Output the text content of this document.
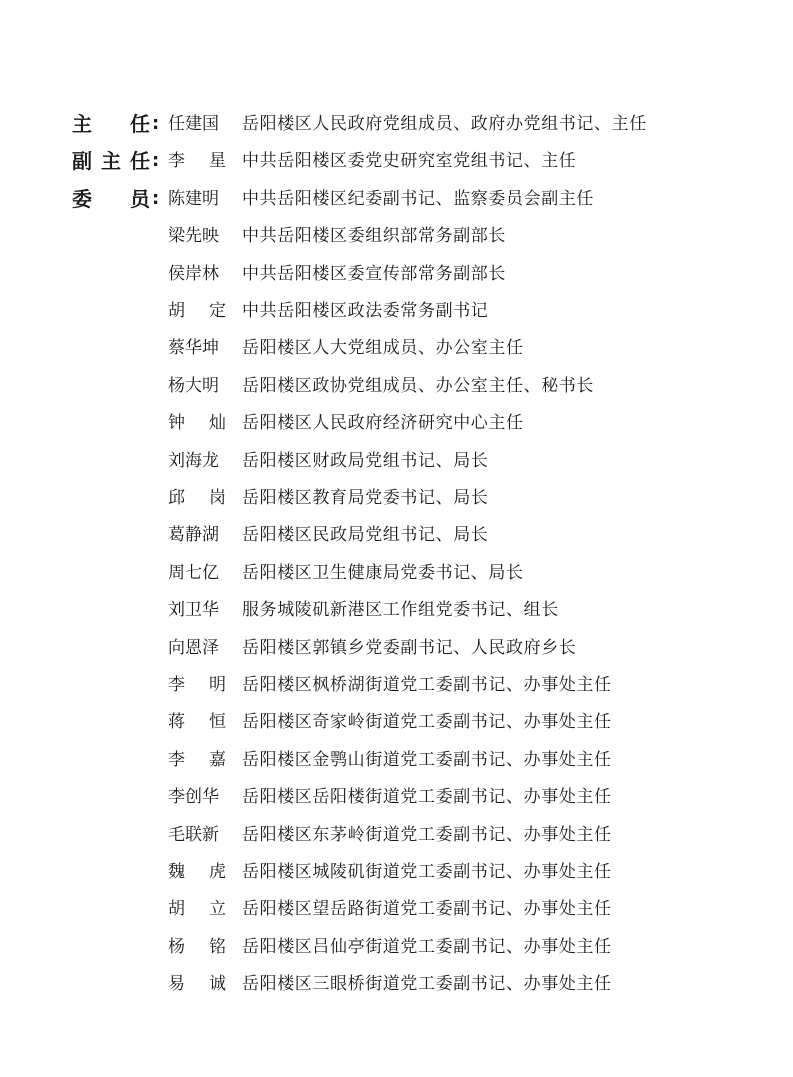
主 任 : 任 建 国 岳阳楼区人民政府党组成员、政府办党组书记、主任
副 主 任 : 李 星 中共岳阳楼区委党史研究室党组书记、主任
委 员 : 陈 建 明 中共岳阳楼区纪委副书记、监察委员会副主任
梁 先 映 中共岳阳楼区委组织部常务副部长
侯 岸 林 中共岳阳楼区委宣传部常务副部长
胡 定 中共岳阳楼区政法委常务副书记
蔡 华 坤 岳阳楼区人大党组成员、办公室主任
杨 大 明 岳阳楼区政协党组成员、办公室主任、秘书长
钟 灿 岳阳楼区人民政府经济研究中心主任
刘 海 龙 岳阳楼区财政局党组书记、局长
邱 岗 岳阳楼区教育局党委书记、局长
葛 静 湖 岳阳楼区民政局党组书记、局长
周 七 亿 岳阳楼区卫生健康局党委书记、局长
刘 卫 华 服务城陵矶新港区工作组党委书记、组长
向 恩 泽 岳阳楼区郭镇乡党委副书记、人民政府乡长
李 明 岳阳楼区枫桥湖街道党工委副书记、办事处主任
蒋 恒 岳阳楼区奇家岭街道党工委副书记、办事处主任
李 嘉 岳阳楼区金鹗山街道党工委副书记、办事处主任
李 创 华 岳阳楼区岳阳楼街道党工委副书记、办事处主任
毛 联 新 岳阳楼区东茅岭街道党工委副书记、办事处主任
魏 虎 岳阳楼区城陵矶街道党工委副书记、办事处主任
胡 立 岳阳楼区望岳路街道党工委副书记、办事处主任
杨 铭 岳阳楼区吕仙亭街道党工委副书记、办事处主任
易 诚 岳阳楼区三眼桥街道党工委副书记、办事处主任
